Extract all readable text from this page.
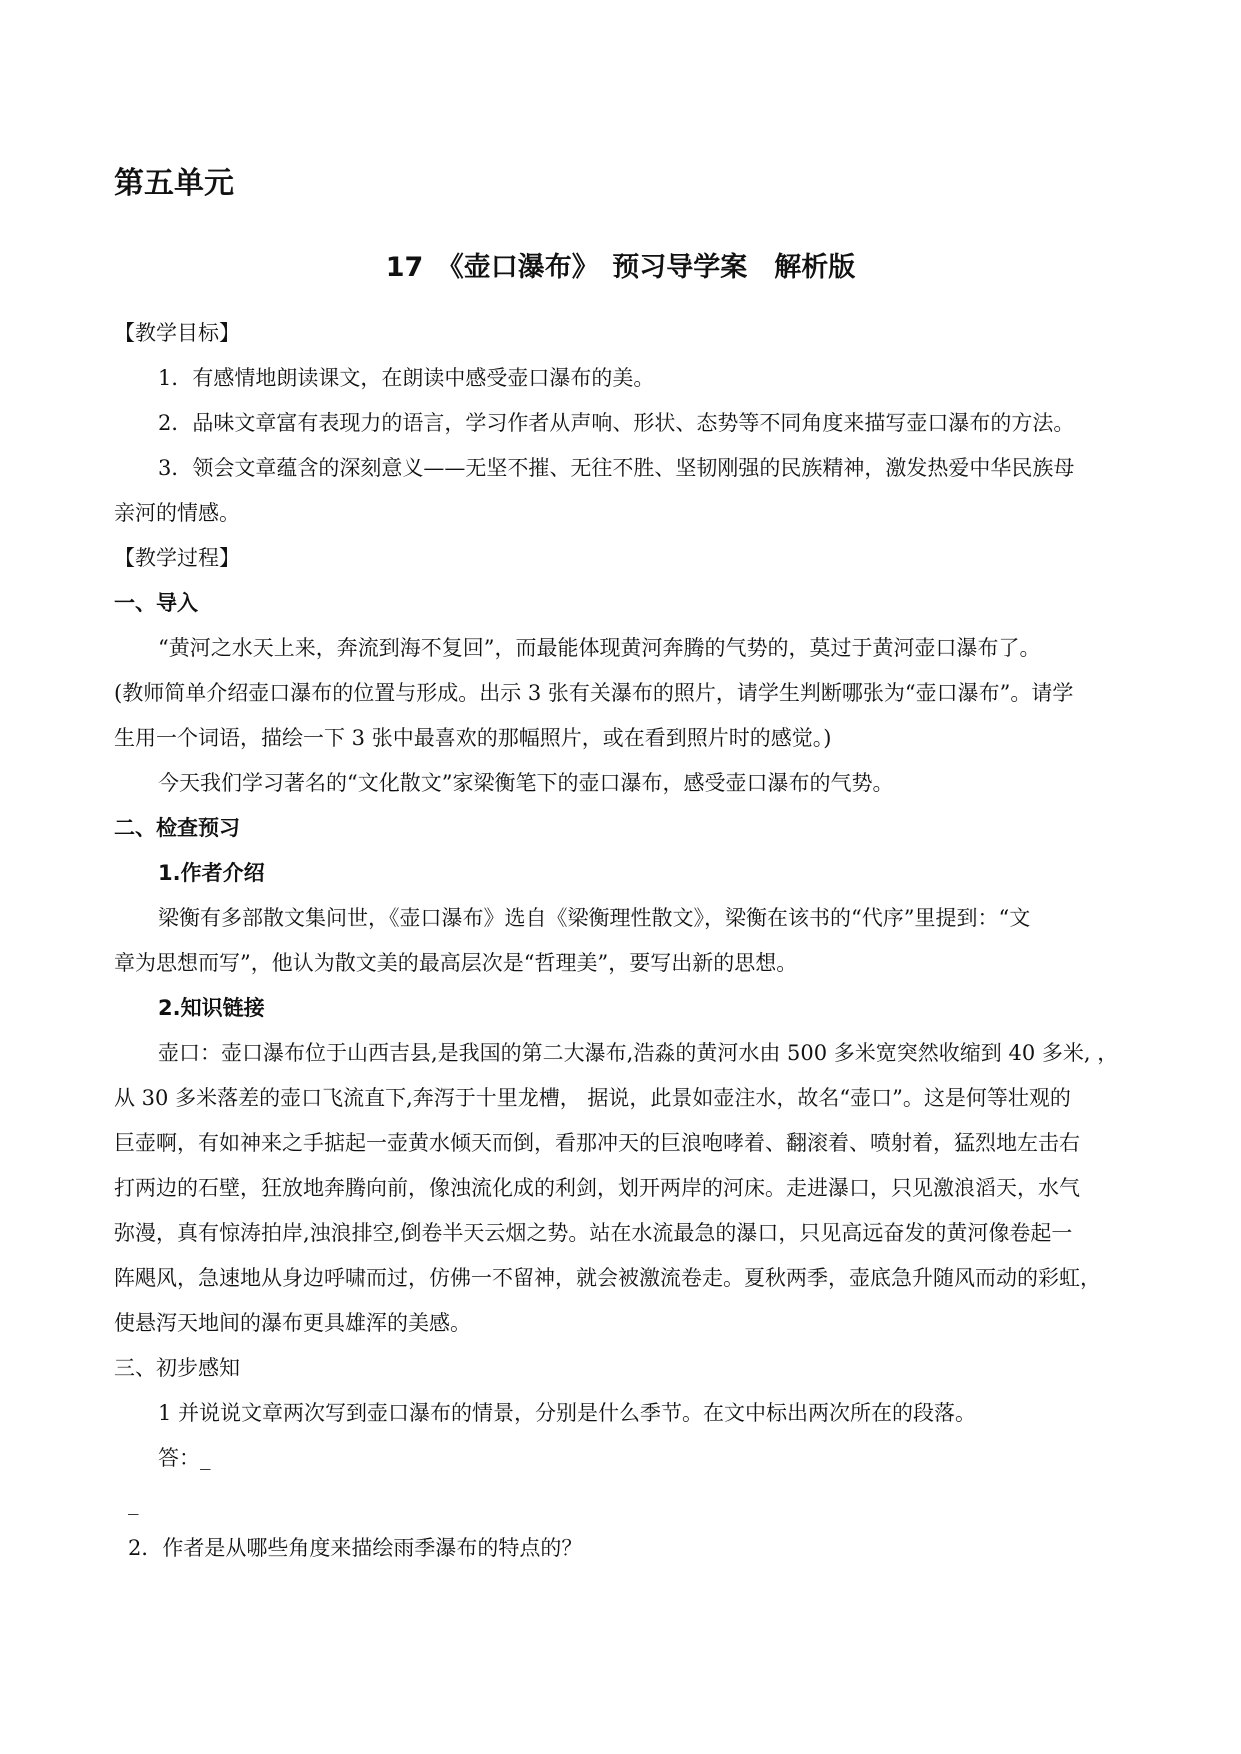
第五单元
17　《壶口瀑布》　预习导学案　解析版
【教学目标】
1．有感情地朗读课文，在朗读中感受壶口瀑布的美。
2．品味文章富有表现力的语言，学习作者从声响、形状、态势等不同角度来描写壶口瀑布的方法。
3．领会文章蕴含的深刻意义——无坚不摧、无往不胜、坚韧刚强的民族精神，激发热爱中华民族母
亲河的情感。
【教学过程】
一、导入
“黄河之水天上来，奔流到海不复回”，而最能体现黄河奔腾的气势的，莫过于黄河壶口瀑布了。
(教师简单介绍壶口瀑布的位置与形成。出示 3 张有关瀑布的照片，请学生判断哪张为“壶口瀑布”。请学
生用一个词语，描绘一下 3 张中最喜欢的那幅照片，或在看到照片时的感觉。)
今天我们学习著名的“文化散文”家梁衡笔下的壶口瀑布，感受壶口瀑布的气势。
二、检查预习
1.作者介绍
梁衡有多部散文集问世，《壶口瀑布》选自《梁衡理性散文》，梁衡在该书的“代序”里提到：“文
章为思想而写”，他认为散文美的最高层次是“哲理美”，要写出新的思想。
2.知识链接
壶口：壶口瀑布位于山西吉县,是我国的第二大瀑布,浩淼的黄河水由 500 多米宽突然收缩到 40 多米, ，
从 30 多米落差的壶口飞流直下,奔泻于十里龙槽， 据说，此景如壶注水，故名“壶口”。这是何等壮观的
巨壶啊，有如神来之手掂起一壶黄水倾天而倒，看那冲天的巨浪咆哮着、翻滚着、喷射着，猛烈地左击右
打两边的石壁，狂放地奔腾向前，像浊流化成的利剑，划开两岸的河床。走进瀑口，只见激浪滔天，水气
弥漫，真有惊涛拍岸,浊浪排空,倒卷半天云烟之势。站在水流最急的瀑口，只见高远奋发的黄河像卷起一
阵飓风，急速地从身边呼啸而过，仿佛一不留神，就会被激流卷走。夏秋两季，壶底急升随风而动的彩虹，
使悬泻天地间的瀑布更具雄浑的美感。
三、初步感知
1 并说说文章两次写到壶口瀑布的情景，分别是什么季节。在文中标出两次所在的段落。
答：_
_
2．作者是从哪些角度来描绘雨季瀑布的特点的？
